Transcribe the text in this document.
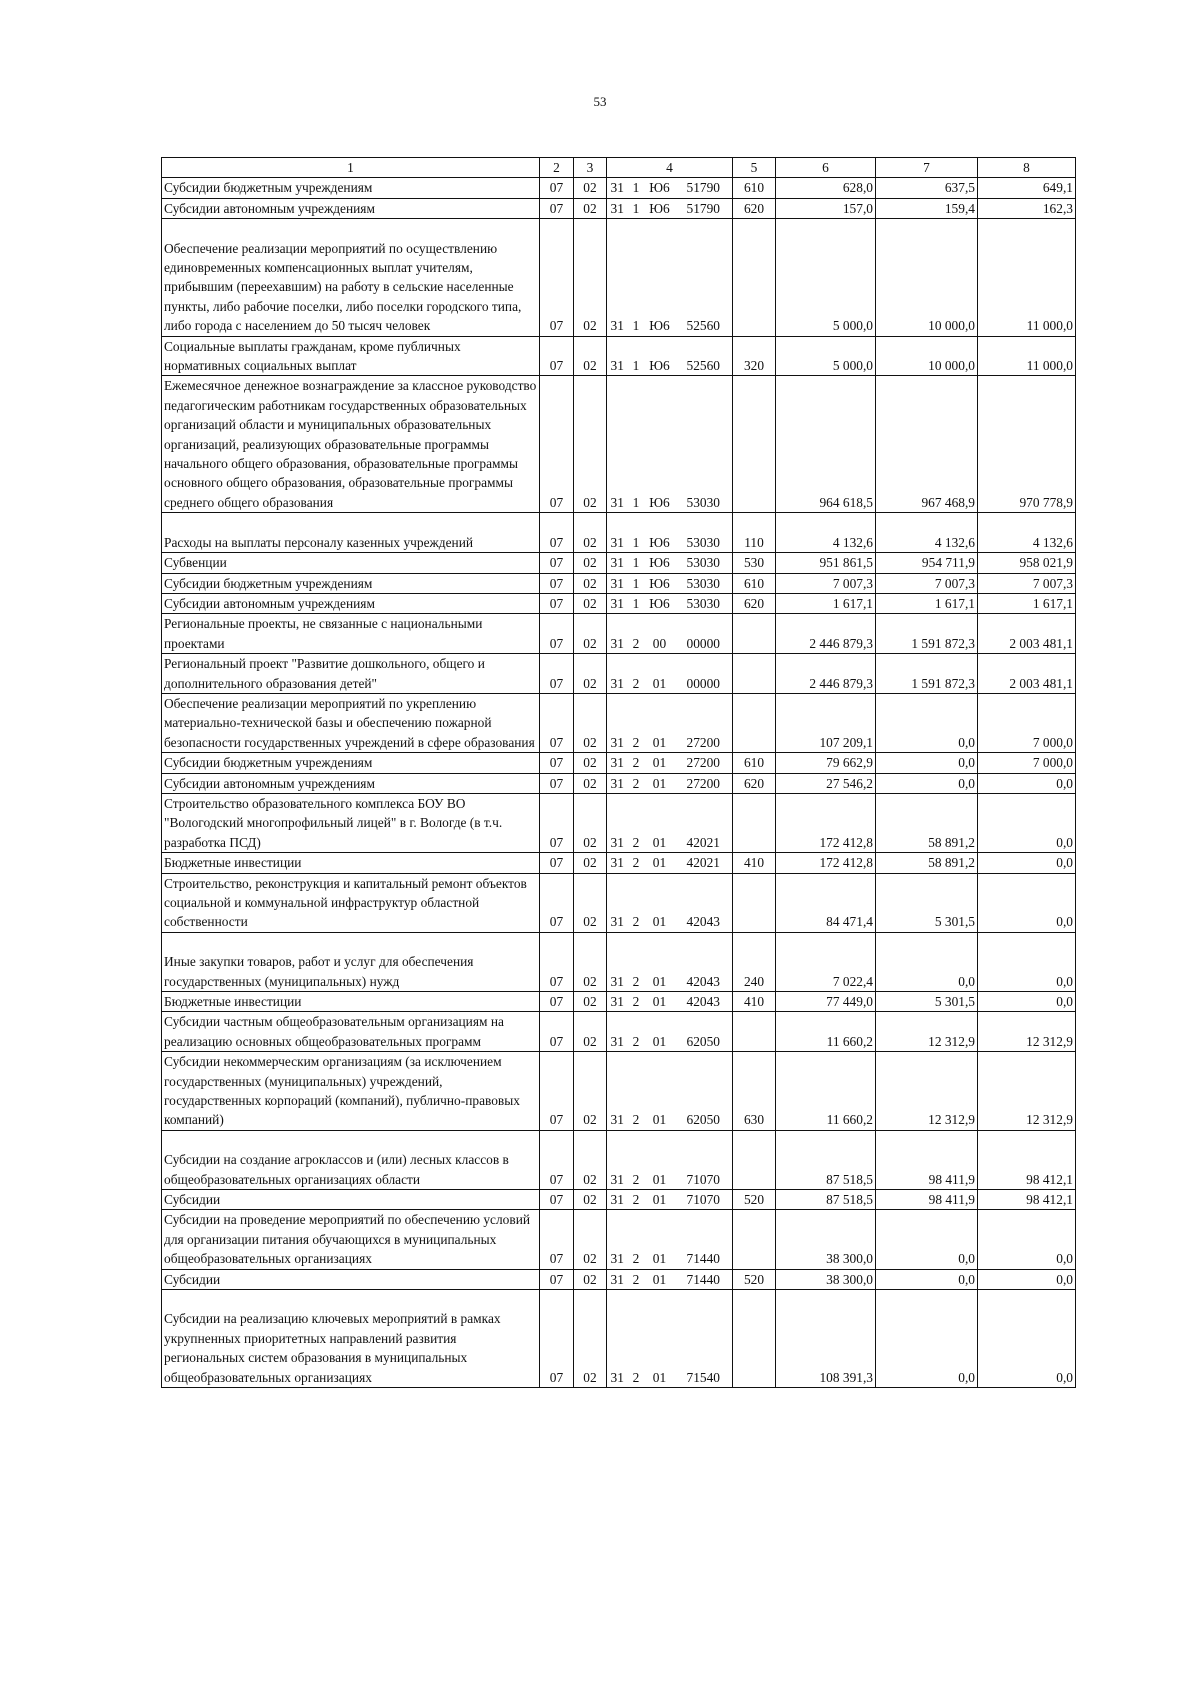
53
1	2	3	4				5	6	7	8
Субсидии бюджетным учреждениям	07	02	31	1	Ю6	51790	610	628,0	637,5	649,1
Субсидии автономным учреждениям	07	02	31	1	Ю6	51790	620	157,0	159,4	162,3
Обеспечение реализации мероприятий по осуществлению единовременных компенсационных выплат учителям, прибывшим (переехавшим) на работу в сельские населенные пункты, либо рабочие поселки, либо поселки городского типа, либо города с населением до 50 тысяч человек	07	02	31	1	Ю6	52560		5 000,0	10 000,0	11 000,0
Социальные выплаты гражданам, кроме публичных нормативных социальных выплат	07	02	31	1	Ю6	52560	320	5 000,0	10 000,0	11 000,0
Ежемесячное денежное вознаграждение за классное руководство педагогическим работникам государственных образовательных организаций области и муниципальных образовательных организаций, реализующих образовательные программы начального общего образования, образовательные программы основного общего образования, образовательные программы среднего общего образования	07	02	31	1	Ю6	53030		964 618,5	967 468,9	970 778,9
Расходы на выплаты персоналу казенных учреждений	07	02	31	1	Ю6	53030	110	4 132,6	4 132,6	4 132,6
Субвенции	07	02	31	1	Ю6	53030	530	951 861,5	954 711,9	958 021,9
Субсидии бюджетным учреждениям	07	02	31	1	Ю6	53030	610	7 007,3	7 007,3	7 007,3
Субсидии автономным учреждениям	07	02	31	1	Ю6	53030	620	1 617,1	1 617,1	1 617,1
Региональные проекты, не связанные с национальными проектами	07	02	31	2	00	00000		2 446 879,3	1 591 872,3	2 003 481,1
Региональный проект "Развитие дошкольного, общего и дополнительного образования детей"	07	02	31	2	01	00000		2 446 879,3	1 591 872,3	2 003 481,1
Обеспечение реализации мероприятий по укреплению материально-технической базы и обеспечению пожарной безопасности государственных учреждений в сфере образования	07	02	31	2	01	27200		107 209,1	0,0	7 000,0
Субсидии бюджетным учреждениям	07	02	31	2	01	27200	610	79 662,9	0,0	7 000,0
Субсидии автономным учреждениям	07	02	31	2	01	27200	620	27 546,2	0,0	0,0
Строительство образовательного комплекса БОУ ВО "Вологодский многопрофильный лицей" в г. Вологде (в т.ч. разработка ПСД)	07	02	31	2	01	42021		172 412,8	58 891,2	0,0
Бюджетные инвестиции	07	02	31	2	01	42021	410	172 412,8	58 891,2	0,0
Строительство, реконструкция и капитальный ремонт объектов социальной и коммунальной инфраструктур областной собственности	07	02	31	2	01	42043		84 471,4	5 301,5	0,0
Иные закупки товаров, работ и услуг для обеспечения государственных (муниципальных) нужд	07	02	31	2	01	42043	240	7 022,4	0,0	0,0
Бюджетные инвестиции	07	02	31	2	01	42043	410	77 449,0	5 301,5	0,0
Субсидии частным общеобразовательным организациям на реализацию основных общеобразовательных программ	07	02	31	2	01	62050		11 660,2	12 312,9	12 312,9
Субсидии некоммерческим организациям (за исключением государственных (муниципальных) учреждений, государственных корпораций (компаний), публично-правовых компаний)	07	02	31	2	01	62050	630	11 660,2	12 312,9	12 312,9
Субсидии на создание агроклассов и (или) лесных классов в общеобразовательных организациях области	07	02	31	2	01	71070		87 518,5	98 411,9	98 412,1
Субсидии	07	02	31	2	01	71070	520	87 518,5	98 411,9	98 412,1
Субсидии на проведение мероприятий по обеспечению условий для организации питания обучающихся в муниципальных общеобразовательных организациях	07	02	31	2	01	71440		38 300,0	0,0	0,0
Субсидии	07	02	31	2	01	71440	520	38 300,0	0,0	0,0
Субсидии на реализацию ключевых мероприятий в рамках укрупненных приоритетных направлений развития региональных систем образования в муниципальных общеобразовательных организациях	07	02	31	2	01	71540		108 391,3	0,0	0,0
